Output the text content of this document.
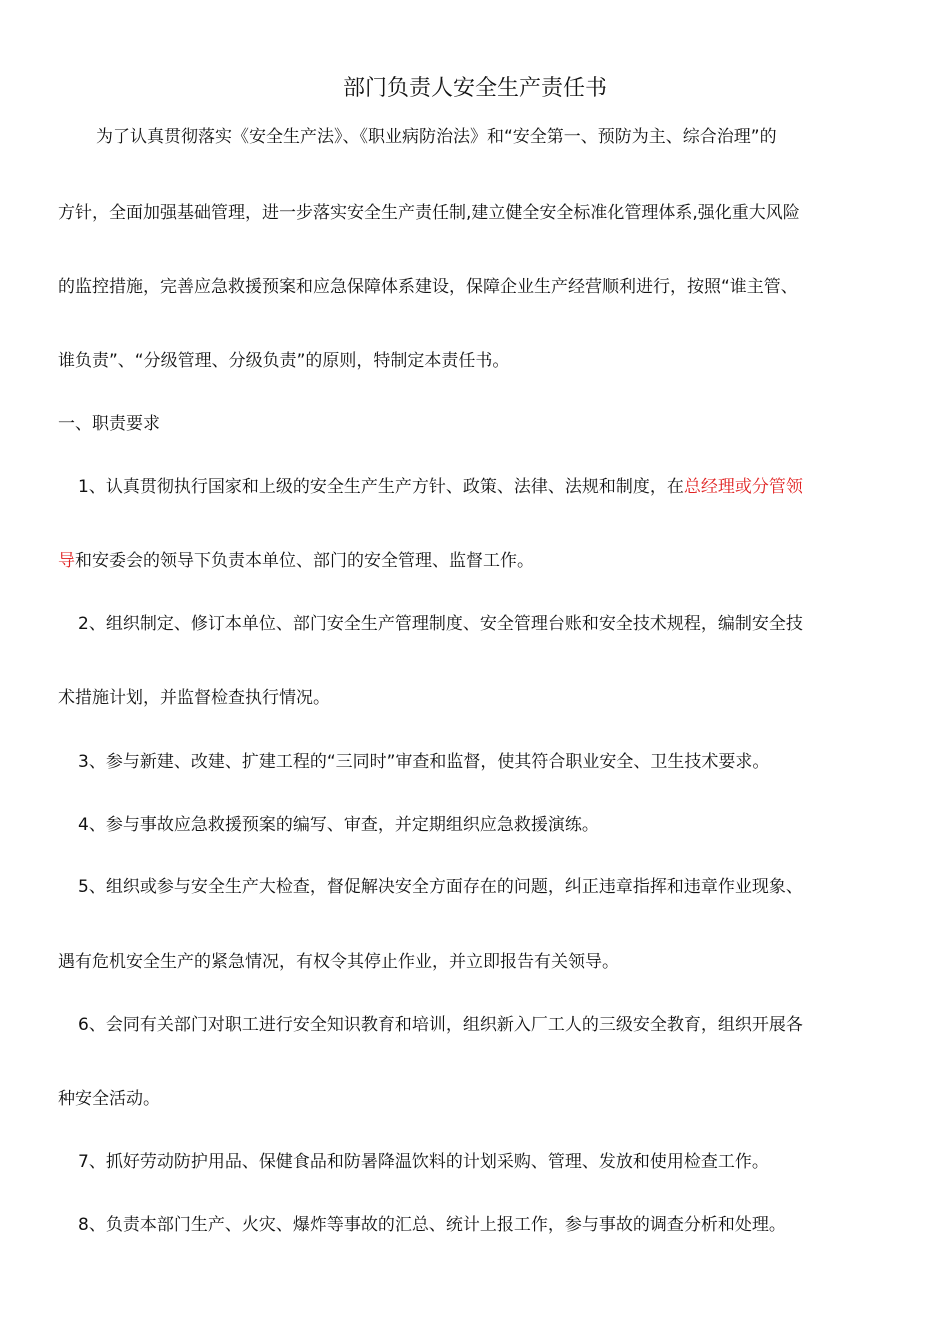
部门负责人安全生产责任书
为了认真贯彻落实《安全生产法》、《职业病防治法》和“安全第一、预防为主、综合治理”的
方针，全面加强基础管理，进一步落实安全生产责任制,建立健全安全标准化管理体系,强化重大风险
的监控措施，完善应急救援预案和应急保障体系建设，保障企业生产经营顺利进行，按照“谁主管、
谁负责”、“分级管理、分级负责”的原则，特制定本责任书。
一、职责要求
1、认真贯彻执行国家和上级的安全生产生产方针、政策、法律、法规和制度，在总经理或分管领
导和安委会的领导下负责本单位、部门的安全管理、监督工作。
2、组织制定、修订本单位、部门安全生产管理制度、安全管理台账和安全技术规程，编制安全技
术措施计划，并监督检查执行情况。
3、参与新建、改建、扩建工程的“三同时”审查和监督，使其符合职业安全、卫生技术要求。
4、参与事故应急救援预案的编写、审查，并定期组织应急救援演练。
5、组织或参与安全生产大检查，督促解决安全方面存在的问题，纠正违章指挥和违章作业现象、
遇有危机安全生产的紧急情况，有权令其停止作业，并立即报告有关领导。
6、会同有关部门对职工进行安全知识教育和培训，组织新入厂工人的三级安全教育，组织开展各
种安全活动。
7、抓好劳动防护用品、保健食品和防暑降温饮料的计划采购、管理、发放和使用检查工作。
8、负责本部门生产、火灾、爆炸等事故的汇总、统计上报工作，参与事故的调查分析和处理。
